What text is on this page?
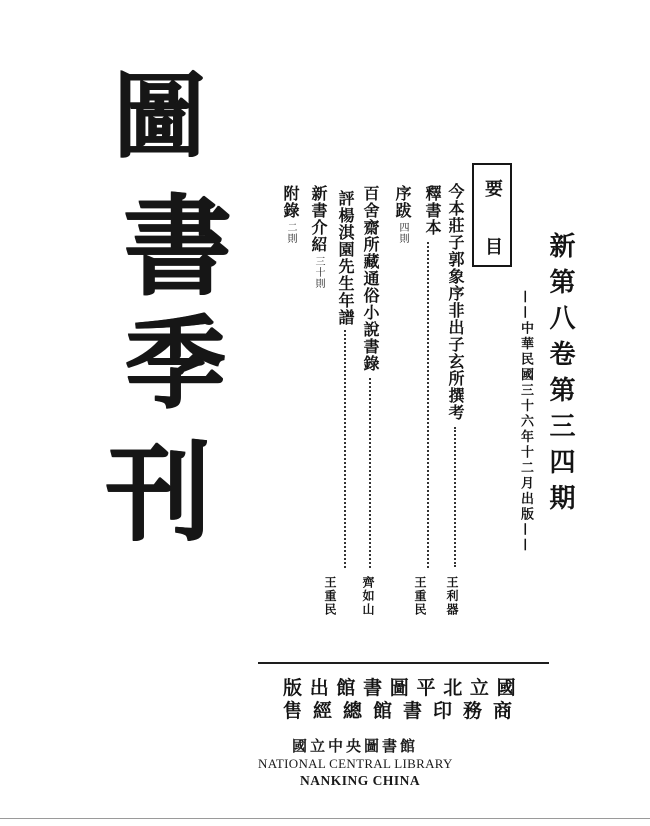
圖
書
季
刊	新第八卷第三四期
——中華民國三十六年十二月出版——
要目
今本莊子郭象序非出子玄所撰考
王利器
釋書本
王重民
序跋
四則
百舍齋所藏通俗小說書錄
齊如山
評楊淇園先生年譜
王重民
新書介紹
三十則
附錄
二則
國立北平圖書館出版
商務印書館總經售
國立中央圖書館
NATIONAL CENTRAL LIBRARY
NANKING CHINA
